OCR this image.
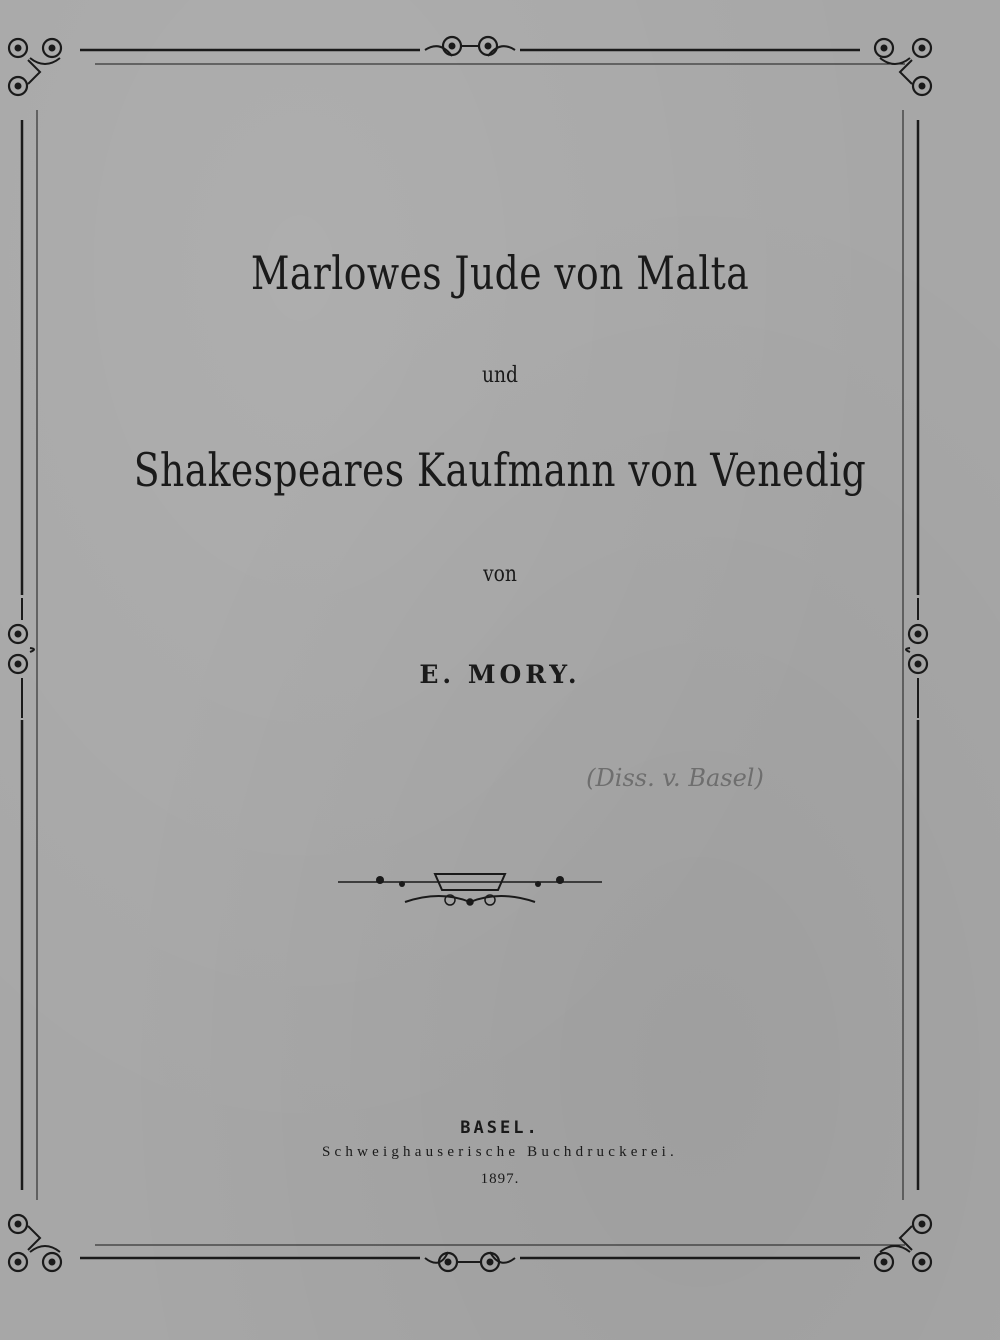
Marlowes Jude von Malta
und
Shakespeares Kaufmann von Venedig
von
E. MORY.
(Diss. v. Basel)
BASEL.
Schweighauserische Buchdruckerei.
1897.
